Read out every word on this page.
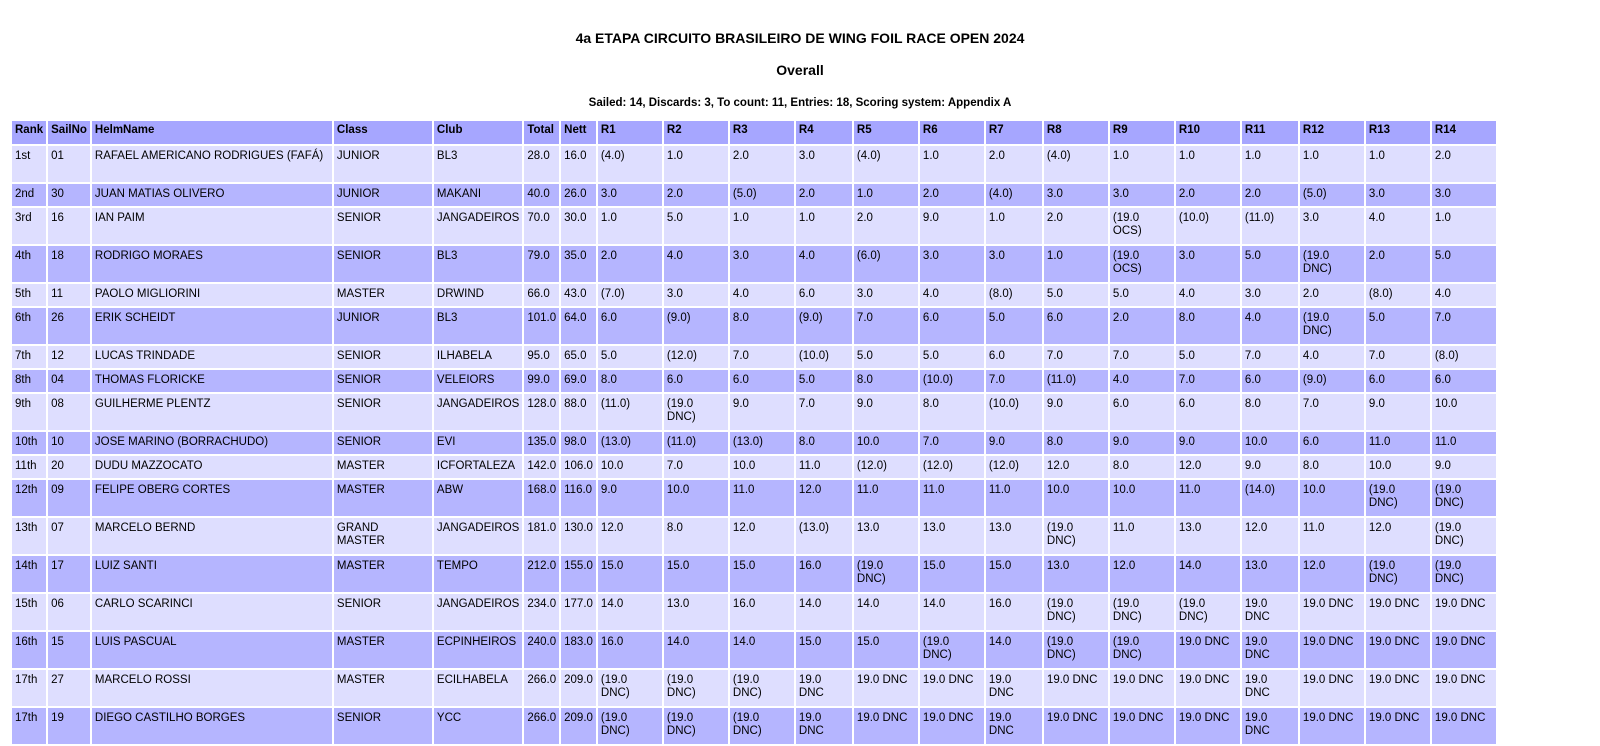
4a ETAPA CIRCUITO BRASILEIRO DE WING FOIL RACE OPEN 2024
Overall
Sailed: 14, Discards: 3, To count: 11, Entries: 18, Scoring system: Appendix A
Rank	SailNo	HelmName	Class	Club	Total	Nett	R1	R2	R3	R4	R5	R6	R7	R8	R9	R10	R11	R12	R13	R14
1st	01	RAFAEL AMERICANO RODRIGUES (FAFÁ)	JUNIOR	BL3	28.0	16.0	(4.0)	1.0	2.0	3.0	(4.0)	1.0	2.0	(4.0)	1.0	1.0	1.0	1.0	1.0	2.0
2nd	30	JUAN MATIAS OLIVERO	JUNIOR	MAKANI	40.0	26.0	3.0	2.0	(5.0)	2.0	1.0	2.0	(4.0)	3.0	3.0	2.0	2.0	(5.0)	3.0	3.0
3rd	16	IAN PAIM	SENIOR	JANGADEIROS	70.0	30.0	1.0	5.0	1.0	1.0	2.0	9.0	1.0	2.0	(19.0 OCS)	(10.0)	(11.0)	3.0	4.0	1.0
4th	18	RODRIGO MORAES	SENIOR	BL3	79.0	35.0	2.0	4.0	3.0	4.0	(6.0)	3.0	3.0	1.0	(19.0 OCS)	3.0	5.0	(19.0 DNC)	2.0	5.0
5th	11	PAOLO MIGLIORINI	MASTER	DRWIND	66.0	43.0	(7.0)	3.0	4.0	6.0	3.0	4.0	(8.0)	5.0	5.0	4.0	3.0	2.0	(8.0)	4.0
6th	26	ERIK SCHEIDT	JUNIOR	BL3	101.0	64.0	6.0	(9.0)	8.0	(9.0)	7.0	6.0	5.0	6.0	2.0	8.0	4.0	(19.0 DNC)	5.0	7.0
7th	12	LUCAS TRINDADE	SENIOR	ILHABELA	95.0	65.0	5.0	(12.0)	7.0	(10.0)	5.0	5.0	6.0	7.0	7.0	5.0	7.0	4.0	7.0	(8.0)
8th	04	THOMAS FLORICKE	SENIOR	VELEIORS	99.0	69.0	8.0	6.0	6.0	5.0	8.0	(10.0)	7.0	(11.0)	4.0	7.0	6.0	(9.0)	6.0	6.0
9th	08	GUILHERME PLENTZ	SENIOR	JANGADEIROS	128.0	88.0	(11.0)	(19.0 DNC)	9.0	7.0	9.0	8.0	(10.0)	9.0	6.0	6.0	8.0	7.0	9.0	10.0
10th	10	JOSE MARINO (BORRACHUDO)	SENIOR	EVI	135.0	98.0	(13.0)	(11.0)	(13.0)	8.0	10.0	7.0	9.0	8.0	9.0	9.0	10.0	6.0	11.0	11.0
11th	20	DUDU MAZZOCATO	MASTER	ICFORTALEZA	142.0	106.0	10.0	7.0	10.0	11.0	(12.0)	(12.0)	(12.0)	12.0	8.0	12.0	9.0	8.0	10.0	9.0
12th	09	FELIPE OBERG CORTES	MASTER	ABW	168.0	116.0	9.0	10.0	11.0	12.0	11.0	11.0	11.0	10.0	10.0	11.0	(14.0)	10.0	(19.0 DNC)	(19.0 DNC)
13th	07	MARCELO BERND	GRAND MASTER	JANGADEIROS	181.0	130.0	12.0	8.0	12.0	(13.0)	13.0	13.0	13.0	(19.0 DNC)	11.0	13.0	12.0	11.0	12.0	(19.0 DNC)
14th	17	LUIZ SANTI	MASTER	TEMPO	212.0	155.0	15.0	15.0	15.0	16.0	(19.0 DNC)	15.0	15.0	13.0	12.0	14.0	13.0	12.0	(19.0 DNC)	(19.0 DNC)
15th	06	CARLO SCARINCI	SENIOR	JANGADEIROS	234.0	177.0	14.0	13.0	16.0	14.0	14.0	14.0	16.0	(19.0 DNC)	(19.0 DNC)	(19.0 DNC)	19.0 DNC	19.0 DNC	19.0 DNC	19.0 DNC
16th	15	LUIS PASCUAL	MASTER	ECPINHEIROS	240.0	183.0	16.0	14.0	14.0	15.0	15.0	(19.0 DNC)	14.0	(19.0 DNC)	(19.0 DNC)	19.0 DNC	19.0 DNC	19.0 DNC	19.0 DNC	19.0 DNC
17th	27	MARCELO ROSSI	MASTER	ECILHABELA	266.0	209.0	(19.0 DNC)	(19.0 DNC)	(19.0 DNC)	19.0 DNC	19.0 DNC	19.0 DNC	19.0 DNC	19.0 DNC	19.0 DNC	19.0 DNC	19.0 DNC	19.0 DNC	19.0 DNC	19.0 DNC
17th	19	DIEGO CASTILHO BORGES	SENIOR	YCC	266.0	209.0	(19.0 DNC)	(19.0 DNC)	(19.0 DNC)	19.0 DNC	19.0 DNC	19.0 DNC	19.0 DNC	19.0 DNC	19.0 DNC	19.0 DNC	19.0 DNC	19.0 DNC	19.0 DNC	19.0 DNC
